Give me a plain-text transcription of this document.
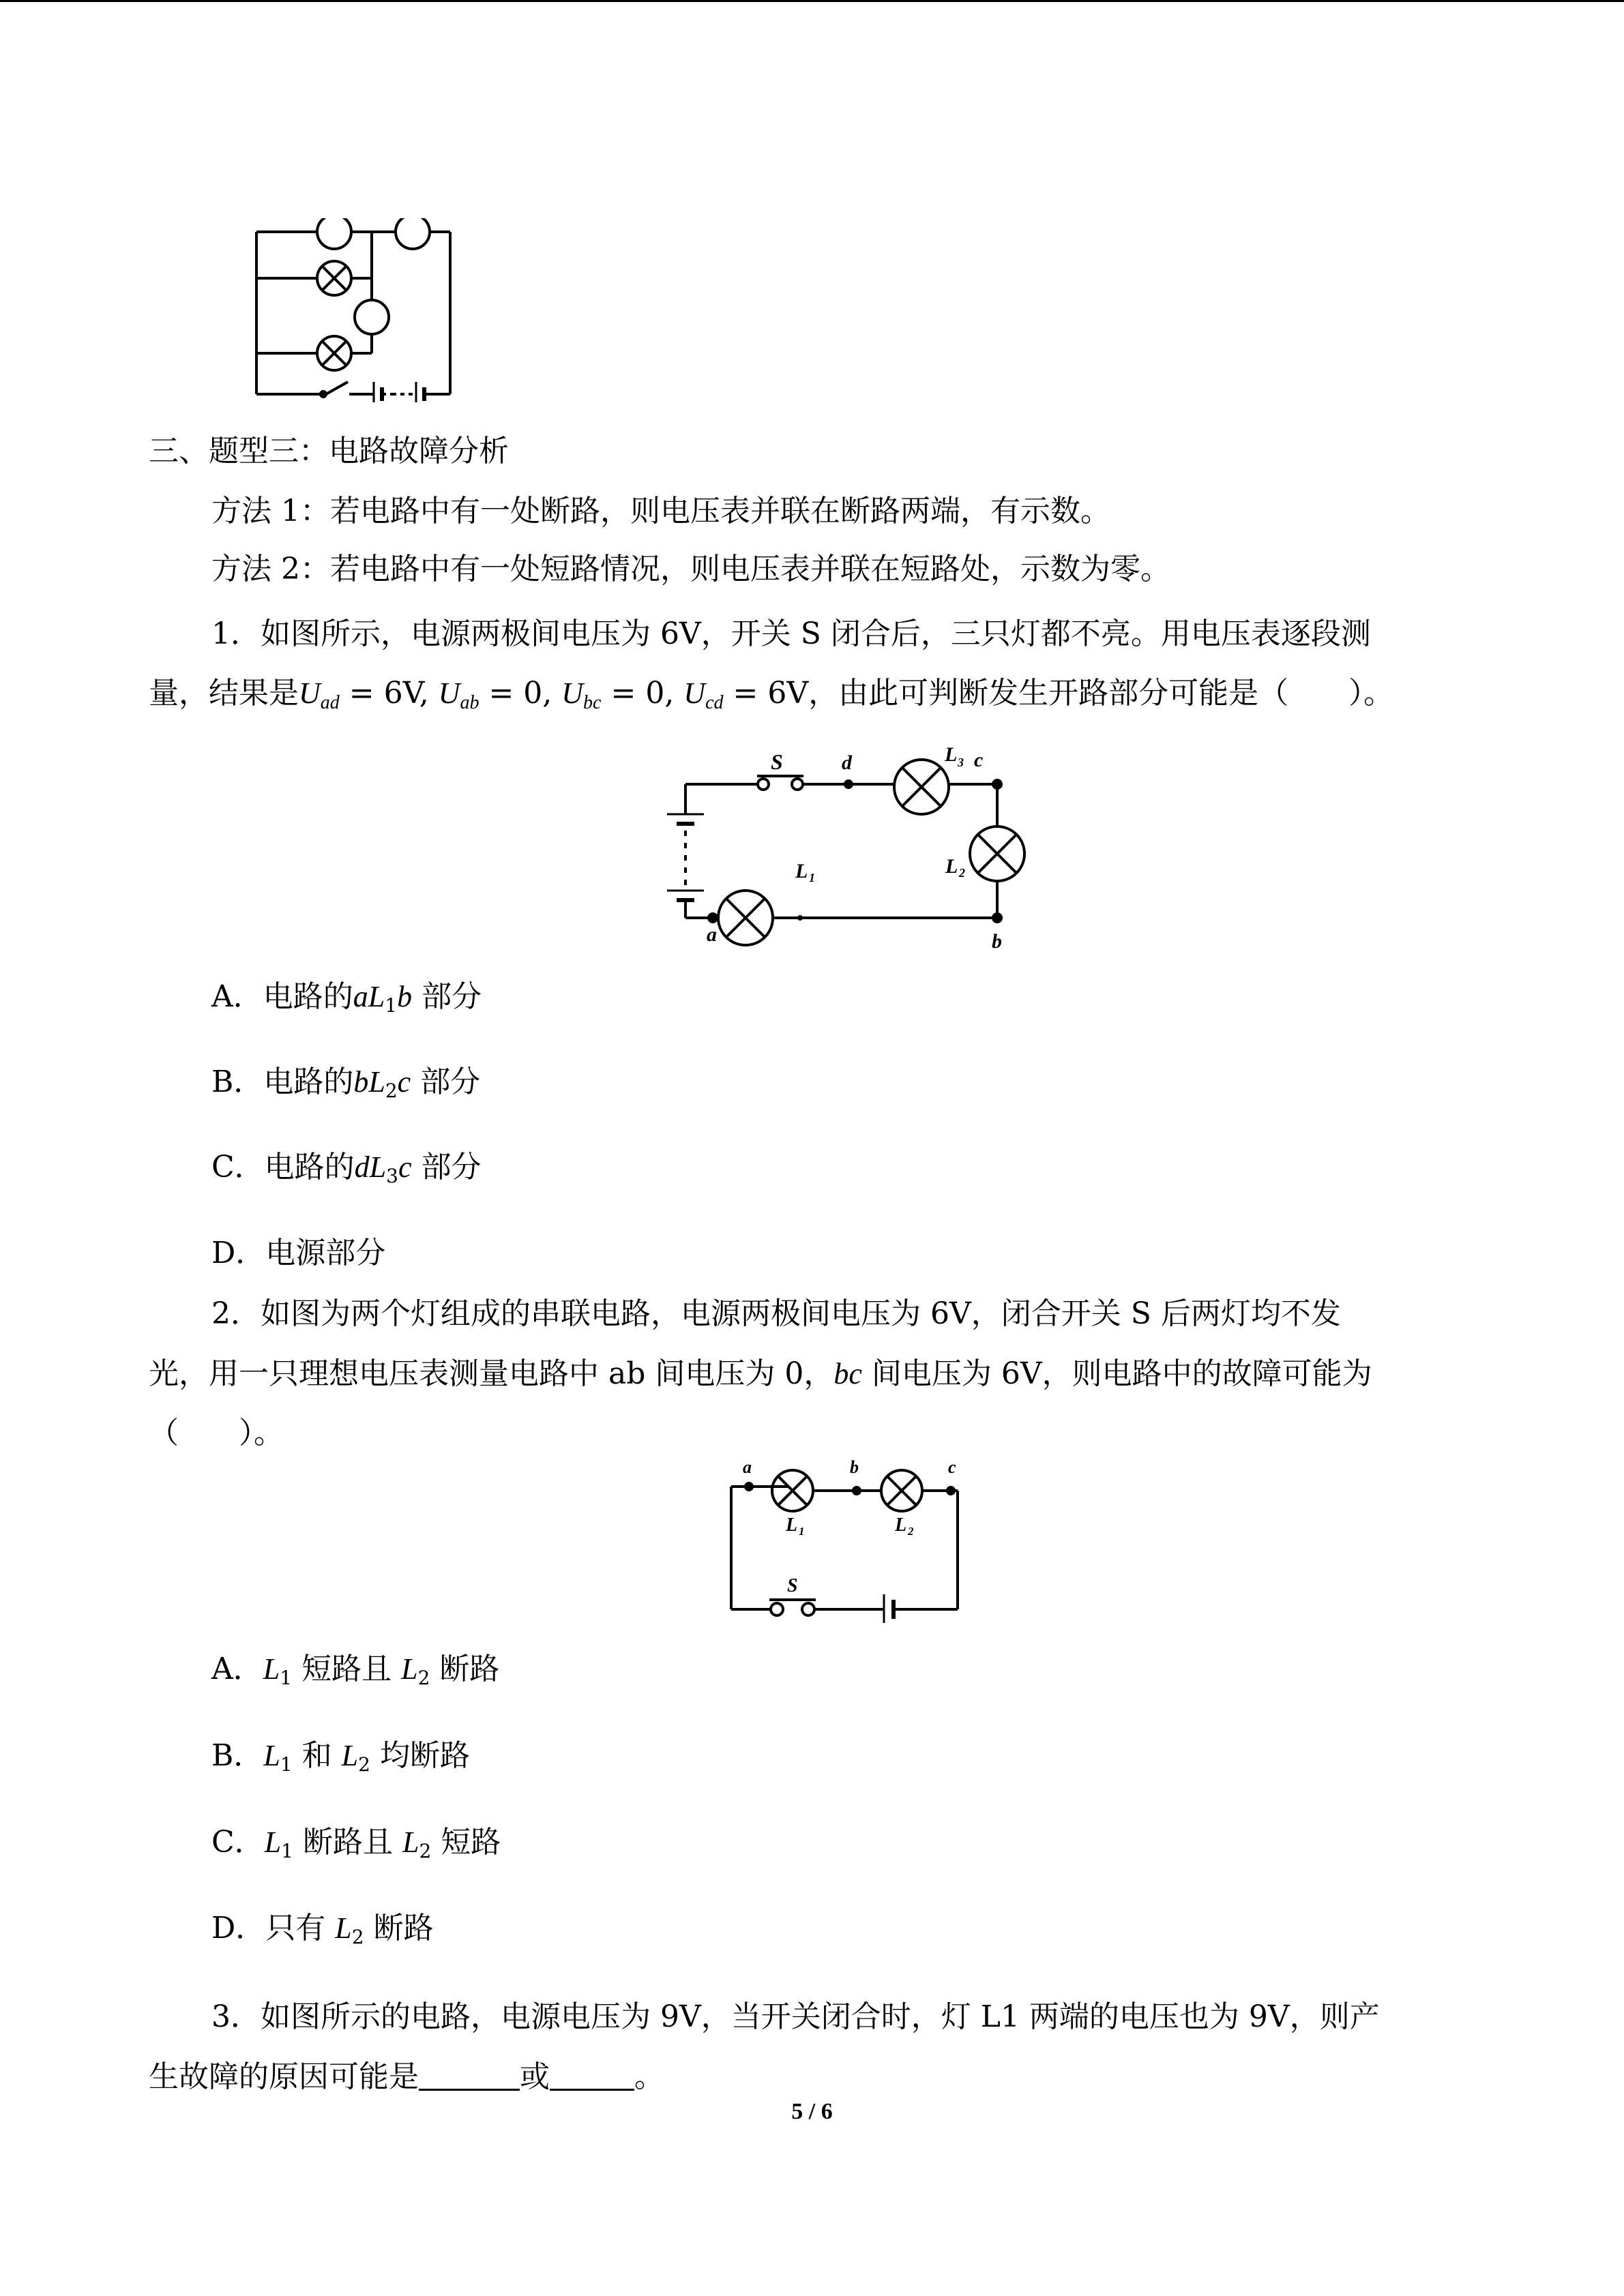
三、题型三：电路故障分析
方法 1：若电路中有一处断路，则电压表并联在断路两端，有示数。
方法 2：若电路中有一处短路情况，则电压表并联在短路处，示数为零。
1．如图所示，电源两极间电压为 6V，开关 S 闭合后，三只灯都不亮。用电压表逐段测
量，结果是$U_{ad} = 6V$, $U_{ab} = 0$, $U_{bc} = 0$, $U_{cd} = 6V$，由此可判断发生开路部分可能是（　　）。
S	d	L 3 c
L 2
L 1
a	b
A．电路的$aL_1b$ 部分
B．电路的$bL_2c$ 部分
C．电路的$dL_3c$ 部分
D．电源部分
2．如图为两个灯组成的串联电路，电源两极间电压为 6V，闭合开关 S 后两灯均不发
光，用一只理想电压表测量电路中 ab 间电压为 0，bc 间电压为 6V，则电路中的故障可能为
（　　）。
a	b	c
L 1	L 2
S
A．$L_1$ 短路且 $L_2$ 断路
B．$L_1$ 和 $L_2$ 均断路
C．$L_1$ 断路且 $L_2$ 短路
D．只有 $L_2$ 断路
3．如图所示的电路，电源电压为 9V，当开关闭合时，灯 L1 两端的电压也为 9V，则产
生故障的原因可能是	或	。
5 / 6
